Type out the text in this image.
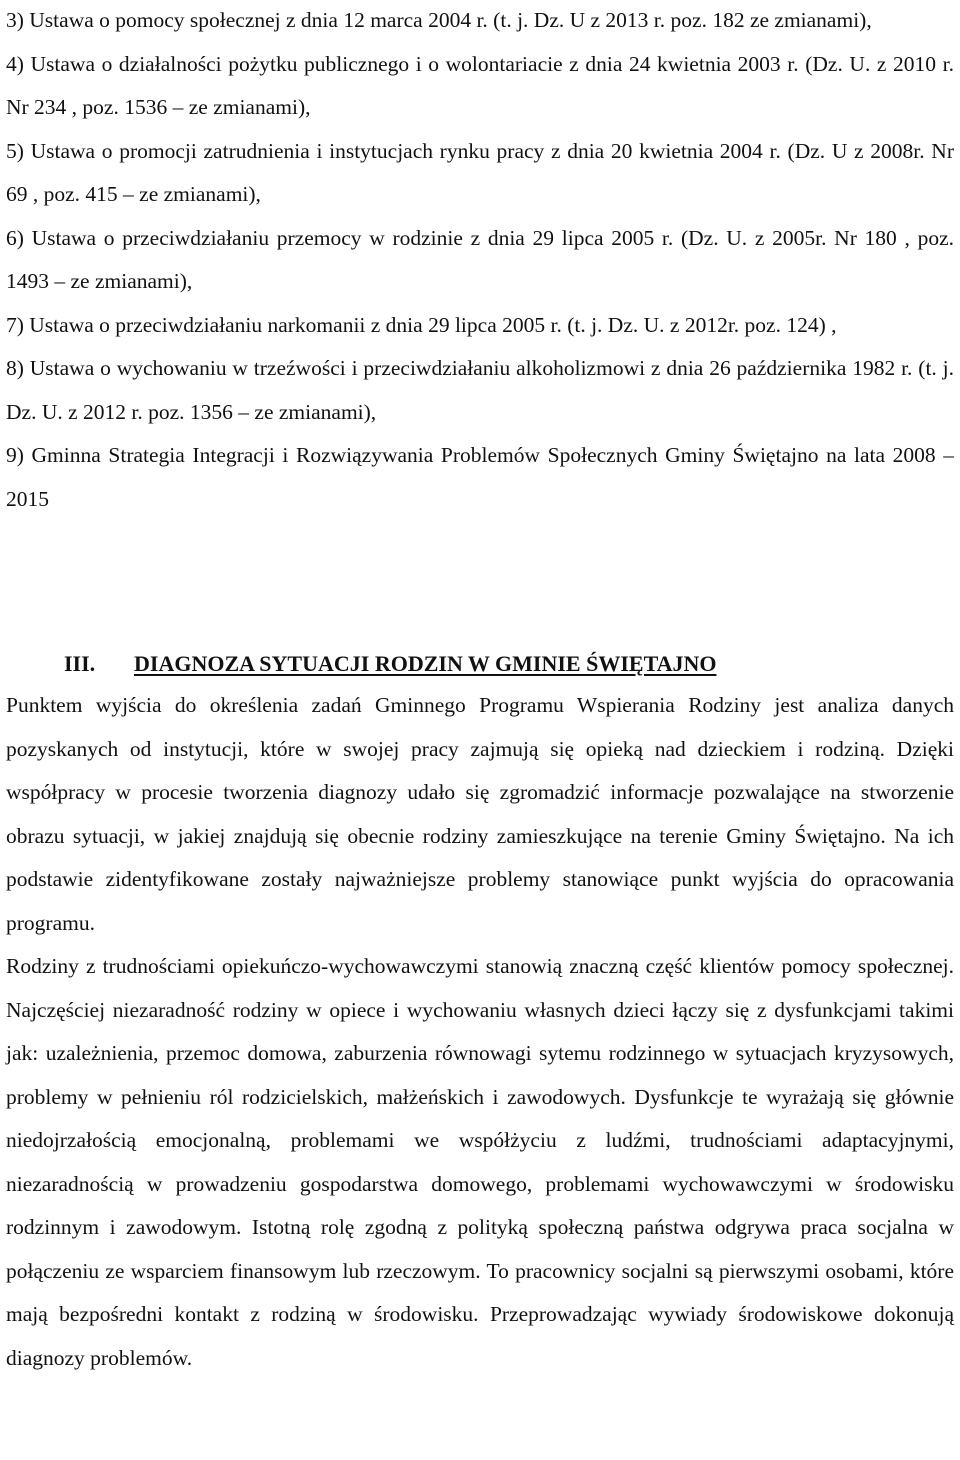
3) Ustawa o pomocy społecznej z dnia 12 marca 2004 r. (t. j. Dz. U z 2013 r. poz. 182 ze zmianami),

4) Ustawa o działalności pożytku publicznego i o wolontariacie z dnia 24 kwietnia 2003 r. (Dz. U. z 2010 r. Nr 234 , poz. 1536 – ze zmianami),

5) Ustawa o promocji zatrudnienia i instytucjach rynku pracy z dnia 20 kwietnia 2004 r. (Dz. U z 2008r. Nr 69 , poz. 415 – ze zmianami),

6) Ustawa o przeciwdziałaniu przemocy w rodzinie z dnia 29 lipca 2005 r. (Dz. U. z 2005r. Nr 180 , poz. 1493 – ze zmianami),

7) Ustawa o przeciwdziałaniu narkomanii z dnia 29 lipca 2005 r. (t. j. Dz. U. z 2012r. poz. 124) ,

8) Ustawa o wychowaniu w trzeźwości i przeciwdziałaniu alkoholizmowi z dnia 26 października 1982 r. (t. j. Dz. U. z 2012 r. poz. 1356 – ze zmianami),

9) Gminna Strategia Integracji i Rozwiązywania Problemów Społecznych Gminy Świętajno na lata 2008 – 2015

III. DIAGNOZA SYTUACJI RODZIN W GMINIE ŚWIĘTAJNO

Punktem wyjścia do określenia zadań Gminnego Programu Wspierania Rodziny jest analiza danych pozyskanych od instytucji, które w swojej pracy zajmują się opieką nad dzieckiem i rodziną. Dzięki współpracy w procesie tworzenia diagnozy udało się zgromadzić informacje pozwalające na stworzenie obrazu sytuacji, w jakiej znajdują się obecnie rodziny zamieszkujące na terenie Gminy Świętajno. Na ich podstawie zidentyfikowane zostały najważniejsze problemy stanowiące punkt wyjścia do opracowania programu.

Rodziny z trudnościami opiekuńczo-wychowawczymi stanowią znaczną część klientów pomocy społecznej. Najczęściej niezaradność rodziny w opiece i wychowaniu własnych dzieci łączy się z dysfunkcjami takimi jak: uzależnienia, przemoc domowa, zaburzenia równowagi sytemu rodzinnego w sytuacjach kryzysowych, problemy w pełnieniu ról rodzicielskich, małżeńskich i zawodowych. Dysfunkcje te wyrażają się głównie niedojrzałością emocjonalną, problemami we współżyciu z ludźmi, trudnościami adaptacyjnymi, niezaradnością w prowadzeniu gospodarstwa domowego, problemami wychowawczymi w środowisku rodzinnym i zawodowym. Istotną rolę zgodną z polityką społeczną państwa odgrywa praca socjalna w połączeniu ze wsparciem finansowym lub rzeczowym. To pracownicy socjalni są pierwszymi osobami, które mają bezpośredni kontakt z rodziną w środowisku. Przeprowadzając wywiady środowiskowe dokonują diagnozy problemów.
